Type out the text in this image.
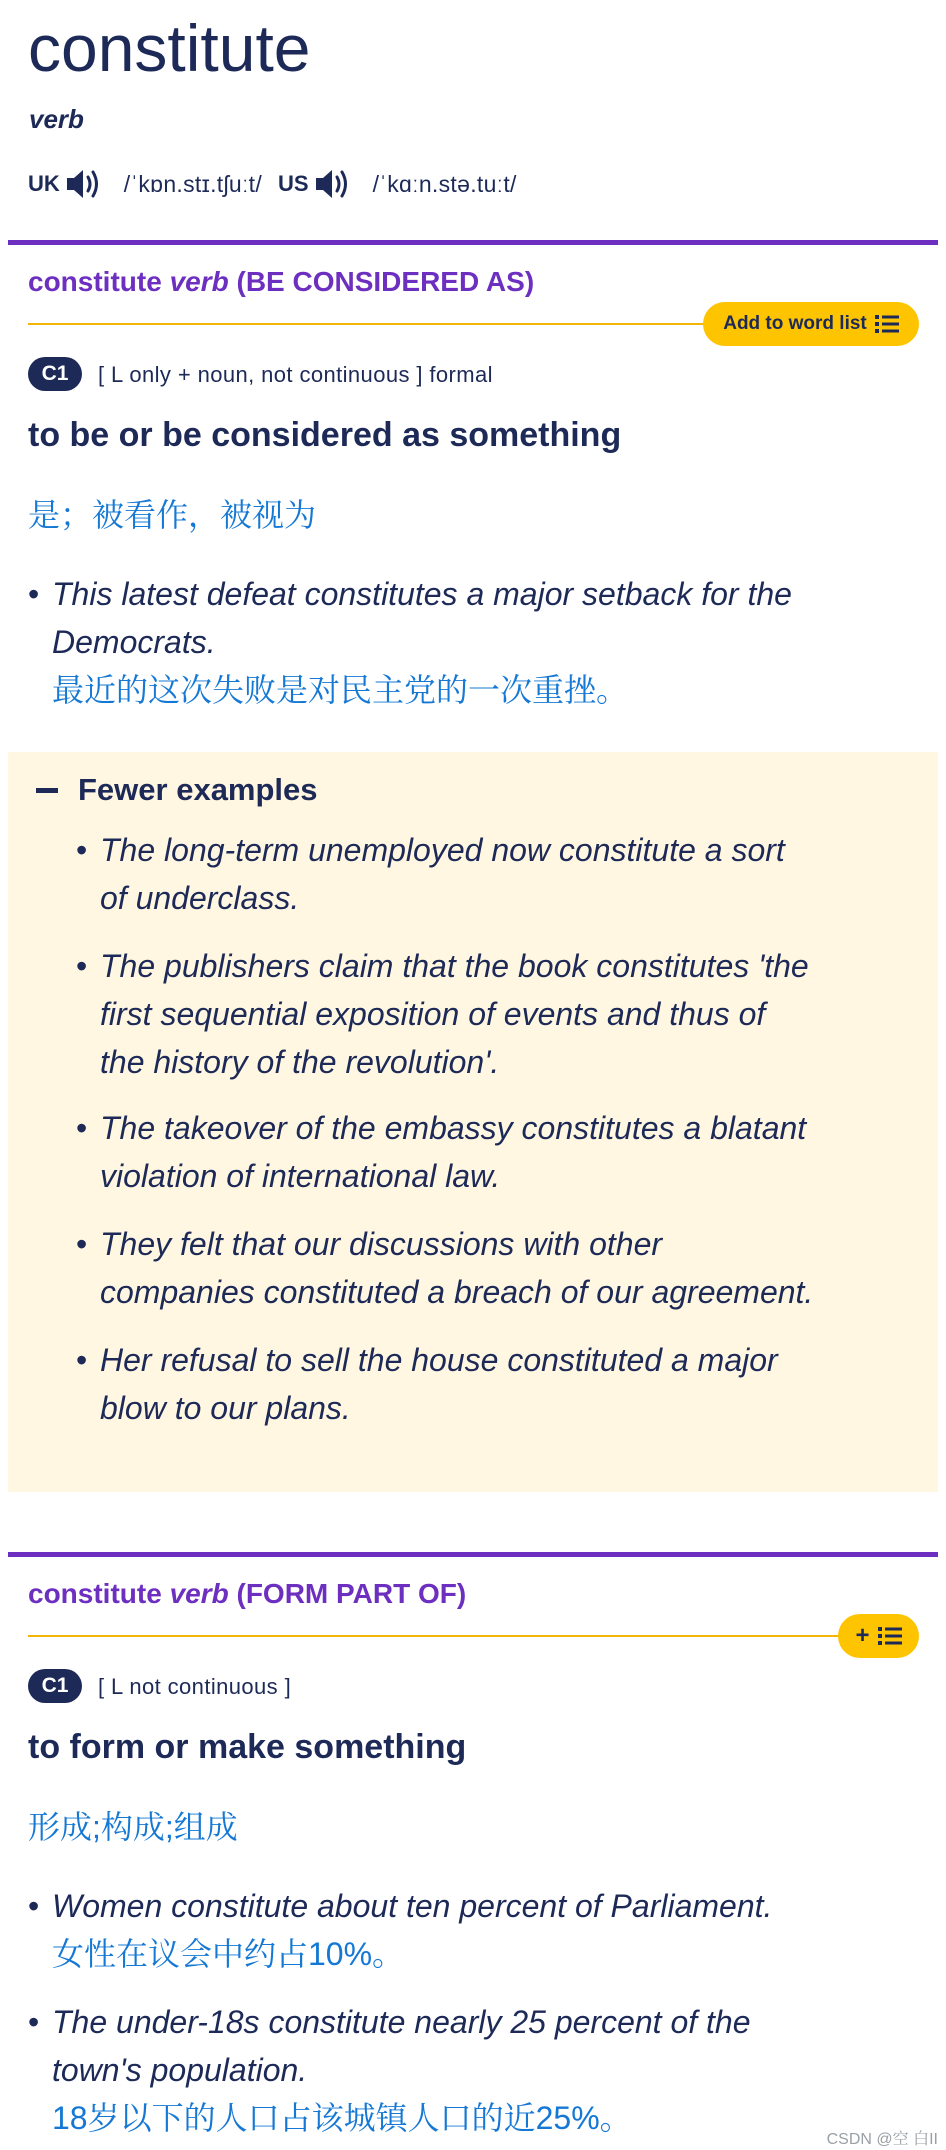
constitute
verb
UK	/ˈkɒn.stɪ.tʃuːt/ US	/ˈkɑːn.stə.tuːt/
constitute verb (BE CONSIDERED AS)
Add to word list
C1	[ L only + noun, not continuous ] formal
to be or be considered as something
是；被看作，被视为
• This latest defeat constitutes a major setback for the
Democrats.
最近的这次失败是对民主党的一次重挫。
Fewer examples
• The long-term unemployed now constitute a sort
of underclass.
• The publishers claim that the book constitutes 'the
first sequential exposition of events and thus of
the history of the revolution'.
• The takeover of the embassy constitutes a blatant
violation of international law.
• They felt that our discussions with other
companies constituted a breach of our agreement.
• Her refusal to sell the house constituted a major
blow to our plans.
constitute verb (FORM PART OF)
+
C1	[ L not continuous ]
to form or make something
形成;构成;组成
• Women constitute about ten percent of Parliament.
女性在议会中约占10%。
• The under-18s constitute nearly 25 percent of the
town's population.
18岁以下的人口占该城镇人口的近25%。
CSDN @空 白II
